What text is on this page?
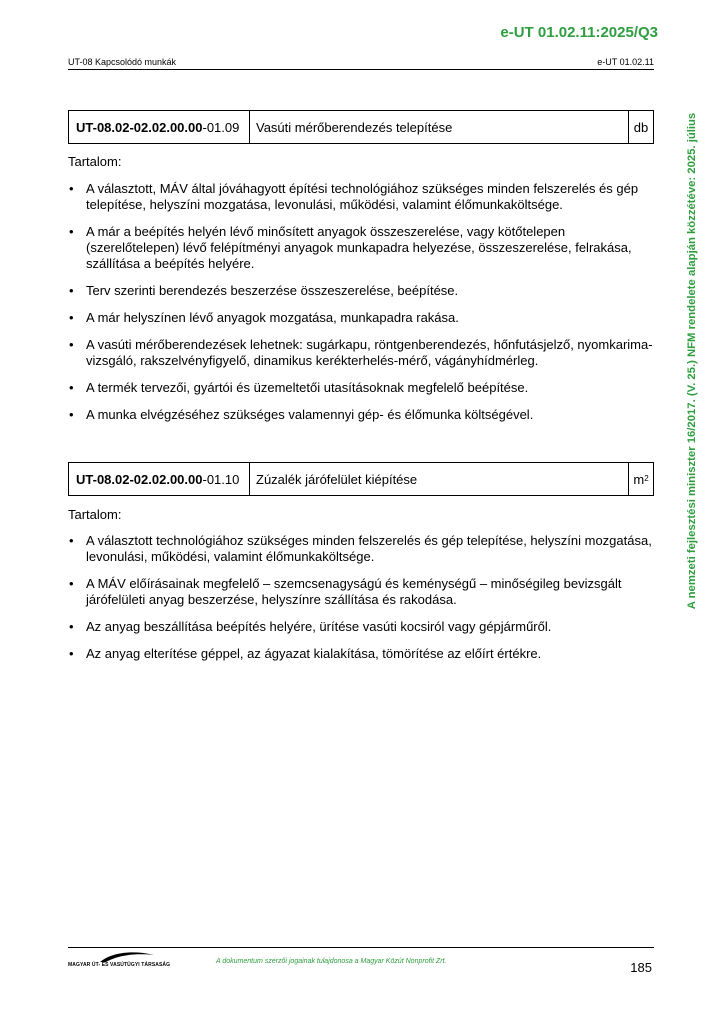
e-UT 01.02.11:2025/Q3
UT-08 Kapcsolódó munkák	e-UT 01.02.11
A nemzeti fejlesztési miniszter 16/2017. (V. 25.) NFM rendelete alapján közzétéve: 2025. július
UT-08.02-02.02.00.00 -01.09	Vasúti mérőberendezés telepítése	db
Tartalom:
• A választott, MÁV által jóváhagyott építési technológiához szükséges minden felszerelés és gép telepítése, helyszíni mozgatása, levonulási, működési, valamint élőmunkaköltsége.
• A már a beépítés helyén lévő minősített anyagok összeszerelése, vagy kötőtelepen (szerelőtelepen) lévő felépítményi anyagok munkapadra helyezése, összeszerelése, felrakása, szállítása a beépítés helyére.
• Terv szerinti berendezés beszerzése összeszerelése, beépítése.
• A már helyszínen lévő anyagok mozgatása, munkapadra rakása.
• A vasúti mérőberendezések lehetnek: sugárkapu, röntgenberendezés, hőnfutásjelző, nyomkarima-vizsgáló, rakszelvényfigyelő, dinamikus kerékterhelés-mérő, vágányhídmérleg.
• A termék tervezői, gyártói és üzemeltetői utasításoknak megfelelő beépítése.
• A munka elvégzéséhez szükséges valamennyi gép- és élőmunka költségével.
UT-08.02-02.02.00.00 -01.10	Zúzalék járófelület kiépítése	m 2
Tartalom:
• A választott technológiához szükséges minden felszerelés és gép telepítése, helyszíni mozgatása, levonulási, működési, valamint élőmunkaköltsége.
• A MÁV előírásainak megfelelő – szemcsenagyságú és keménységű – minőségileg bevizsgált járófelületi anyag beszerzése, helyszínre szállítása és rakodása.
• Az anyag beszállítása beépítés helyére, ürítése vasúti kocsiról vagy gépjárműről.
• Az anyag elterítése géppel, az ágyazat kialakítása, tömörítése az előírt értékre.
MAGYAR ÚT- ÉS VASÚTÜGYI TÁRSASÁG	A dokumentum szerzői jogainak tulajdonosa a Magyar Közút Nonprofit Zrt.	185
